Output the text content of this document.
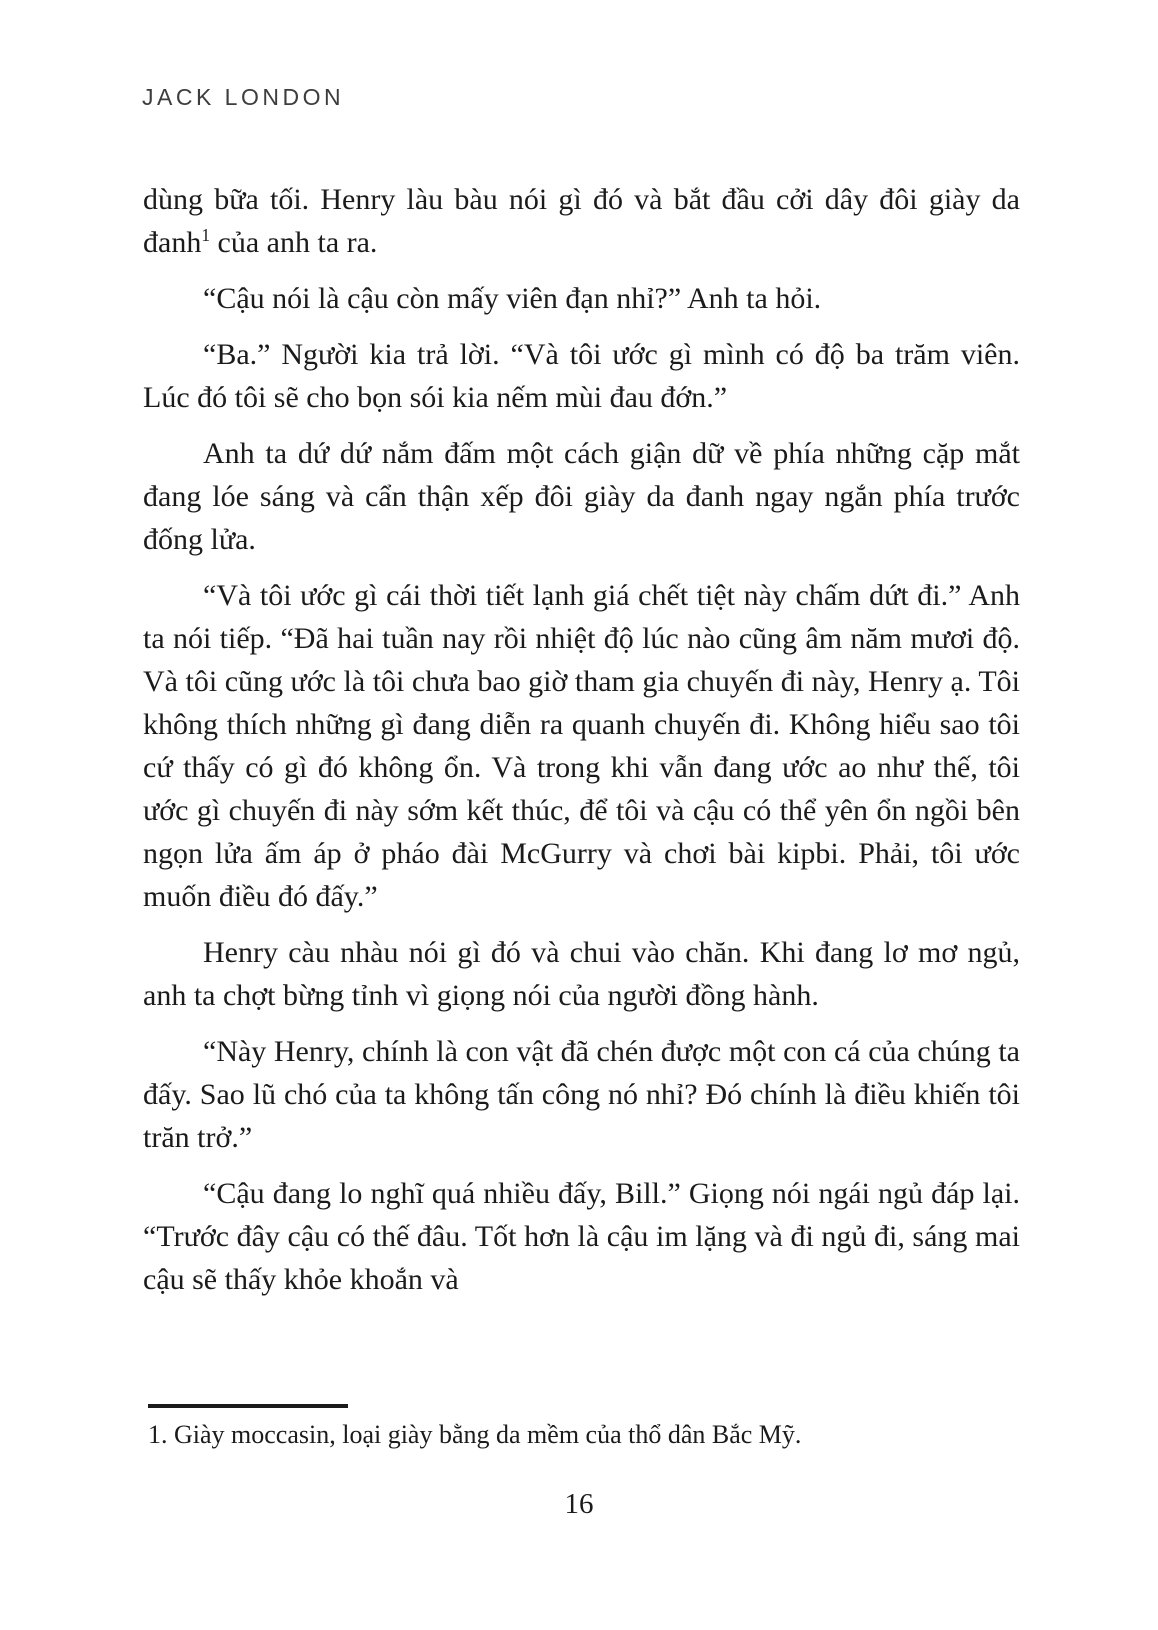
JACK LONDON

dùng bữa tối. Henry làu bàu nói gì đó và bắt đầu cởi dây đôi giày da đanh$^1$ của anh ta ra.

“Cậu nói là cậu còn mấy viên đạn nhỉ?” Anh ta hỏi.

“Ba.” Người kia trả lời. “Và tôi ước gì mình có độ ba trăm viên. Lúc đó tôi sẽ cho bọn sói kia nếm mùi đau đớn.”

Anh ta dứ dứ nắm đấm một cách giận dữ về phía những cặp mắt đang lóe sáng và cẩn thận xếp đôi giày da đanh ngay ngắn phía trước đống lửa.

“Và tôi ước gì cái thời tiết lạnh giá chết tiệt này chấm dứt đi.” Anh ta nói tiếp. “Đã hai tuần nay rồi nhiệt độ lúc nào cũng âm năm mươi độ. Và tôi cũng ước là tôi chưa bao giờ tham gia chuyến đi này, Henry ạ. Tôi không thích những gì đang diễn ra quanh chuyến đi. Không hiểu sao tôi cứ thấy có gì đó không ổn. Và trong khi vẫn đang ước ao như thế, tôi ước gì chuyến đi này sớm kết thúc, để tôi và cậu có thể yên ổn ngồi bên ngọn lửa ấm áp ở pháo đài McGurry và chơi bài kipbi. Phải, tôi ước muốn điều đó đấy.”

Henry càu nhàu nói gì đó và chui vào chăn. Khi đang lơ mơ ngủ, anh ta chợt bừng tỉnh vì giọng nói của người đồng hành.

“Này Henry, chính là con vật đã chén được một con cá của chúng ta đấy. Sao lũ chó của ta không tấn công nó nhỉ? Đó chính là điều khiến tôi trăn trở.”

“Cậu đang lo nghĩ quá nhiều đấy, Bill.” Giọng nói ngái ngủ đáp lại. “Trước đây cậu có thế đâu. Tốt hơn là cậu im lặng và đi ngủ đi, sáng mai cậu sẽ thấy khỏe khoắn và

1. Giày moccasin, loại giày bằng da mềm của thổ dân Bắc Mỹ.
16
